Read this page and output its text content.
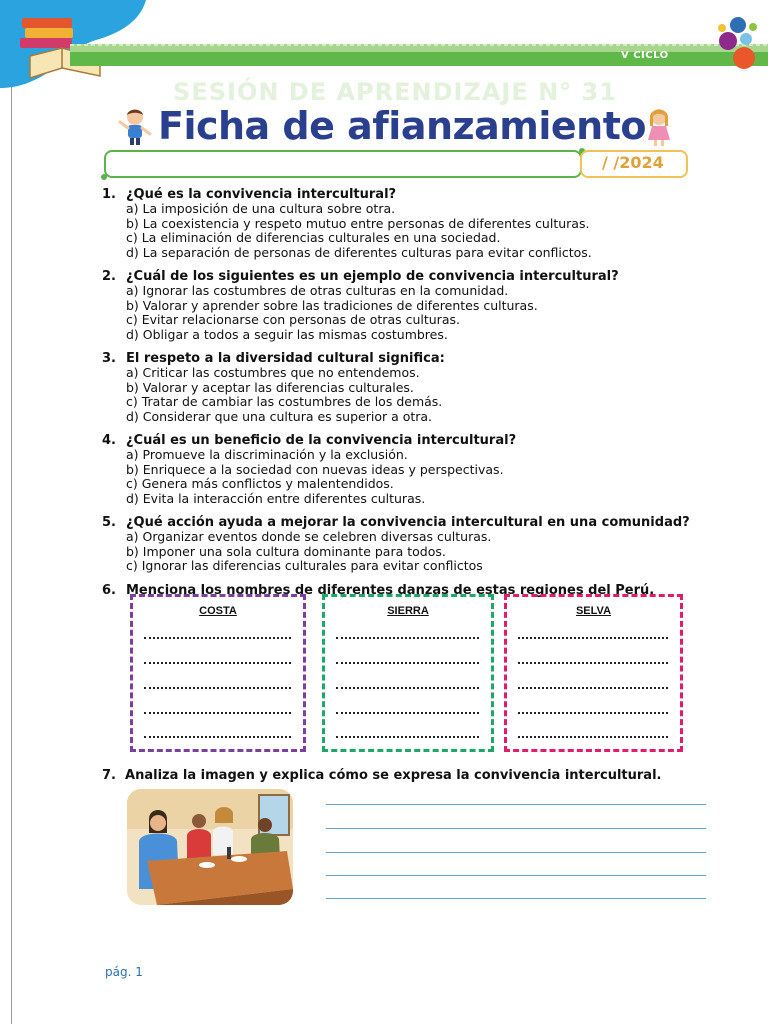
V CICLO
SESIÓN DE APRENDIZAJE N° 31
Ficha de afianzamiento
/ /2024
1. ¿Qué es la convivencia intercultural?
a) La imposición de una cultura sobre otra.
b) La coexistencia y respeto mutuo entre personas de diferentes culturas.
c) La eliminación de diferencias culturales en una sociedad.
d) La separación de personas de diferentes culturas para evitar conflictos.
2. ¿Cuál de los siguientes es un ejemplo de convivencia intercultural?
a) Ignorar las costumbres de otras culturas en la comunidad.
b) Valorar y aprender sobre las tradiciones de diferentes culturas.
c) Evitar relacionarse con personas de otras culturas.
d) Obligar a todos a seguir las mismas costumbres.
3. El respeto a la diversidad cultural significa:
a) Criticar las costumbres que no entendemos.
b) Valorar y aceptar las diferencias culturales.
c) Tratar de cambiar las costumbres de los demás.
d) Considerar que una cultura es superior a otra.
4. ¿Cuál es un beneficio de la convivencia intercultural?
a) Promueve la discriminación y la exclusión.
b) Enriquece a la sociedad con nuevas ideas y perspectivas.
c) Genera más conflictos y malentendidos.
d) Evita la interacción entre diferentes culturas.
5. ¿Qué acción ayuda a mejorar la convivencia intercultural en una comunidad?
a) Organizar eventos donde se celebren diversas culturas.
b) Imponer una sola cultura dominante para todos.
c) Ignorar las diferencias culturales para evitar conflictos
6. Menciona los nombres de diferentes danzas de estas regiones del Perú.
COSTA	SIERRA	SELVA
7. Analiza la imagen y explica cómo se expresa la convivencia intercultural.
pág. 1
